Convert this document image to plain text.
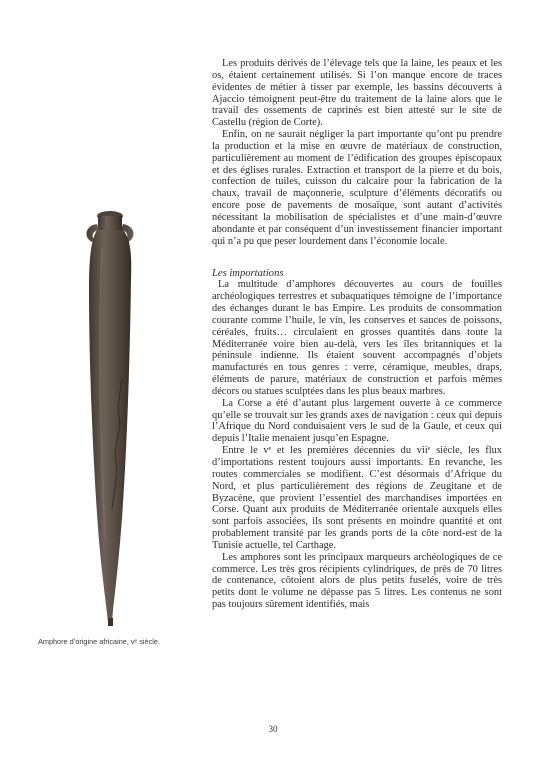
Amphore d’origine africaine, vᵉ siècle.

Les produits dérivés de l’élevage tels que la laine, les peaux et les os, étaient certainement utilisés. Si l’on manque encore de traces évidentes de métier à tisser par exemple, les bassins découverts à Ajaccio témoignent peut-être du traitement de la laine alors que le travail des ossements de caprinés est bien attesté sur le site de Castellu (région de Corte).

Enfin, on ne saurait négliger la part importante qu’ont pu prendre la production et la mise en œuvre de matériaux de construction, particulièrement au moment de l’édification des groupes épiscopaux et des églises rurales. Extraction et transport de la pierre et du bois, confection de tuiles, cuisson du calcaire pour la fabrication de la chaux, travail de maçonnerie, sculpture d’éléments décoratifs ou encore pose de pavements de mosaïque, sont autant d’activités nécessitant la mobilisation de spécialistes et d’une main-d’œuvre abondante et par conséquent d’un investissement financier important qui n’a pu que peser lourdement dans l’économie locale.

Les importations

La multitude d’amphores découvertes au cours de fouilles archéologiques terrestres et subaquatiques témoigne de l’importance des échanges durant le bas Empire. Les produits de consommation courante comme l’huile, le vin, les conserves et sauces de poissons, céréales, fruits… circulaient en grosses quantités dans toute la Méditerranée voire bien au-delà, vers les îles britanniques et la péninsule indienne. Ils étaient souvent accompagnés d’objets manufacturés en tous genres : verre, céramique, meubles, draps, éléments de parure, matériaux de construction et parfois mêmes décors ou statues sculptées dans les plus beaux marbres.

La Corse a été d’autant plus largement ouverte à ce commerce qu’elle se trouvait sur les grands axes de navigation : ceux qui depuis l’Afrique du Nord conduisaient vers le sud de la Gaule, et ceux qui depuis l’Italie menaient jusqu’en Espagne.

Entre le vᵉ et les premières décennies du viiᵉ siècle, les flux d’importations restent toujours aussi importants. En revanche, les routes commerciales se modifient. C’est désormais d’Afrique du Nord, et plus particulièrement des régions de Zeugitane et de Byzacène, que provient l’essentiel des marchandises importées en Corse. Quant aux produits de Méditerranée orientale auxquels elles sont parfois associées, ils sont présents en moindre quantité et ont probablement transité par les grands ports de la côte nord-est de la Tunisie actuelle, tel Carthage.

Les amphores sont les principaux marqueurs archéologiques de ce commerce. Les très gros récipients cylindriques, de près de 70 litres de contenance, côtoient alors de plus petits fuselés, voire de très petits dont le volume ne dépasse pas 5 litres. Les contenus ne sont pas toujours sûrement identifiés, mais

30
